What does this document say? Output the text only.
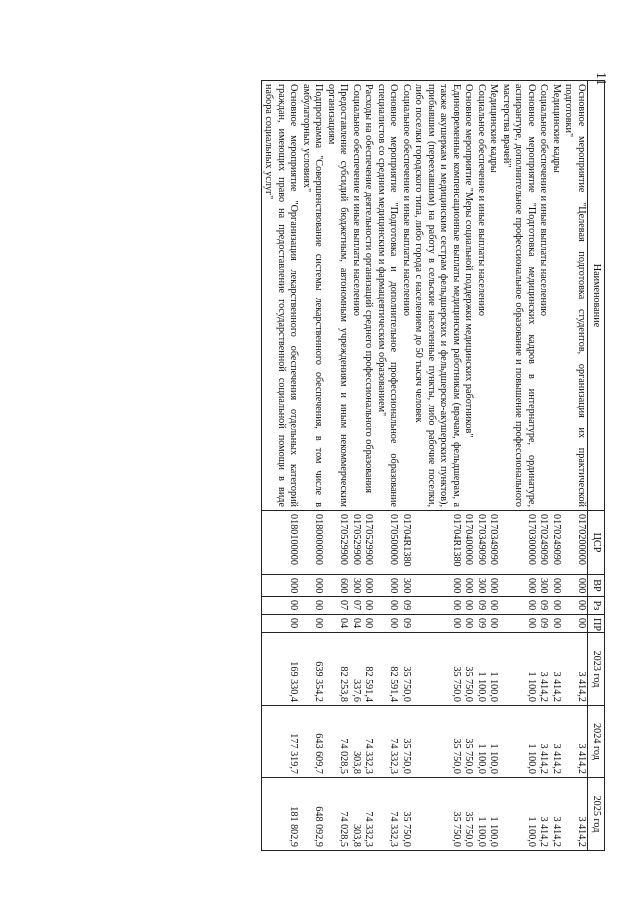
11
Наименование	ЦСР	ВР	Рз	ПР	2023 год	2024 год	2025 год
Основное мероприятие "Целевая подготовка студентов, организация их практической подготовки"	0170200000	000	00	00	3 414,2	3 414,2	3 414,2
Медицинские кадры	0170249090	000	00	00	3 414,2	3 414,2	3 414,2
Социальное обеспечение и иные выплаты населению	0170249090	300	09	09	3 414,2	3 414,2	3 414,2
Основное мероприятие "Подготовка медицинских кадров в интернатуре, ординатуре, аспирантуре, дополнительное профессиональное образование и повышение профессионального мастерства врачей"	0170300000	000	00	00	1 100,0	1 100,0	1 100,0
Медицинские кадры	0170349090	000	00	00	1 100,0	1 100,0	1 100,0
Социальное обеспечение и иные выплаты населению	0170349090	300	09	09	1 100,0	1 100,0	1 100,0
Основное мероприятие "Меры социальной поддержки медицинских работников"	0170400000	000	00	00	35 750,0	35 750,0	35 750,0
Единовременные компенсационные выплаты медицинским работникам (врачам, фельдшерам, а также акушеркам и медицинским сестрам фельдшерских и фельдшерско-акушерских пунктов), прибывшим (переехавшим) на работу в сельские населенные пункты, либо рабочие поселки, либо поселки городского типа, либо города с населением до 50 тысяч человек	01704R1380	000	00	00	35 750,0	35 750,0	35 750,0
Социальное обеспечение и иные выплаты населению	01704R1380	300	09	09	35 750,0	35 750,0	35 750,0
Основное мероприятие "Подготовка и дополнительное профессиональное образование специалистов со средним медицинским и фармацевтическим образованием"	0170500000	000	00	00	82 591,4	74 332,3	74 332,3
Расходы на обеспечение деятельности организаций среднего профессионального образования	0170529900	000	00	00	82 591,4	74 332,3	74 332,3
Социальное обеспечение и иные выплаты населению	0170529900	300	07	04	337,6	303,8	303,8
Предоставление субсидий бюджетным, автономным учреждениям и иным некоммерческим организациям	0170529900	600	07	04	82 253,8	74 028,5	74 028,5
Подпрограмма "Совершенствование системы лекарственного обеспечения, в том числе в амбулаторных условиях"	0180000000	000	00	00	639 354,2	643 609,7	648 092,9
Основное мероприятие "Организация лекарственного обеспечения отдельных категорий граждан, имеющих право на предоставление государственной социальной помощи в виде набора социальных услуг"	0180100000	000	00	00	169 330,4	177 319,7	181 802,9
